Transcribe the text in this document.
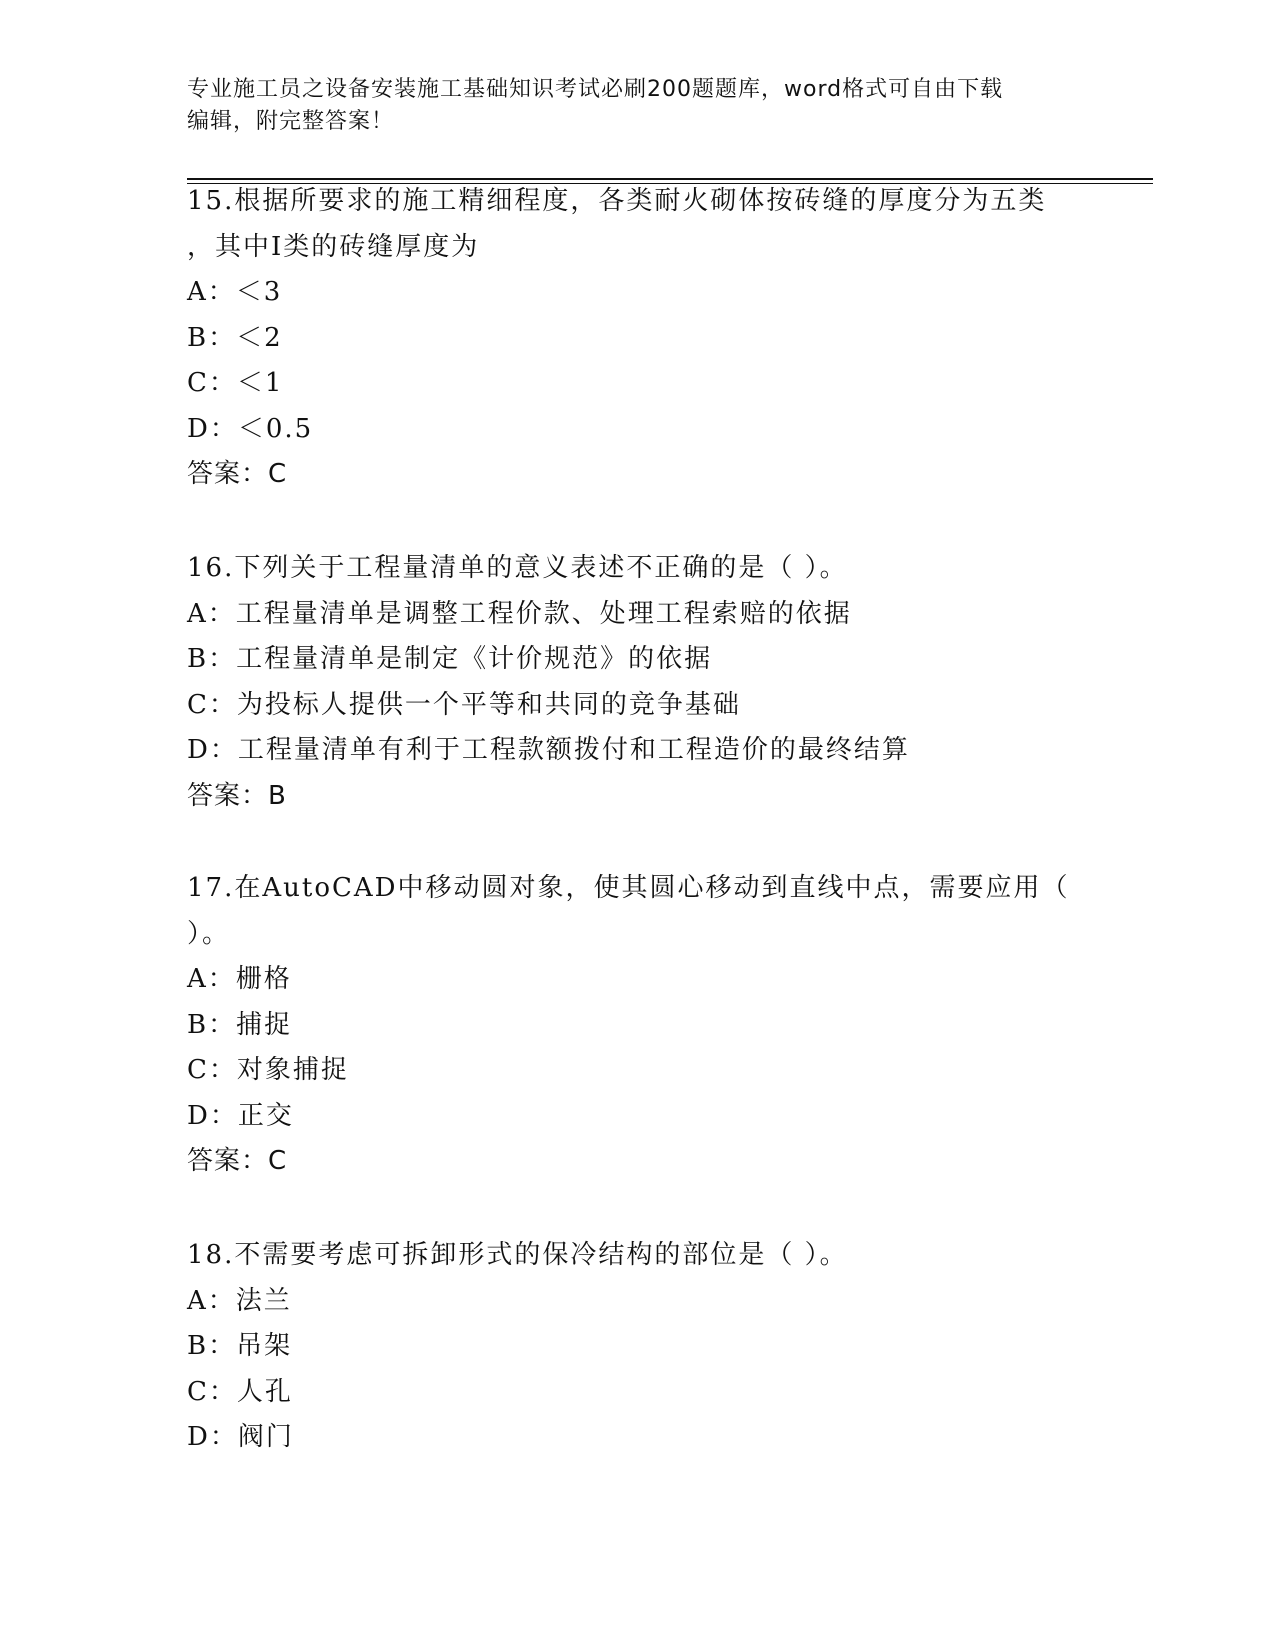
专业施工员之设备安装施工基础知识考试必刷200题题库，word格式可自由下载
编辑，附完整答案！
15.根据所要求的施工精细程度，各类耐火砌体按砖缝的厚度分为五类
，其中Ⅰ类的砖缝厚度为
A：＜3
B：＜2
C：＜1
D：＜0.5
答案：C
16.下列关于工程量清单的意义表述不正确的是（ ）。
A：工程量清单是调整工程价款、处理工程索赔的依据
B：工程量清单是制定《计价规范》的依据
C：为投标人提供一个平等和共同的竞争基础
D：工程量清单有利于工程款额拨付和工程造价的最终结算
答案：B
17.在AutoCAD中移动圆对象，使其圆心移动到直线中点，需要应用（
）。
A：栅格
B：捕捉
C：对象捕捉
D：正交
答案：C
18.不需要考虑可拆卸形式的保冷结构的部位是（ ）。
A：法兰
B：吊架
C：人孔
D：阀门
